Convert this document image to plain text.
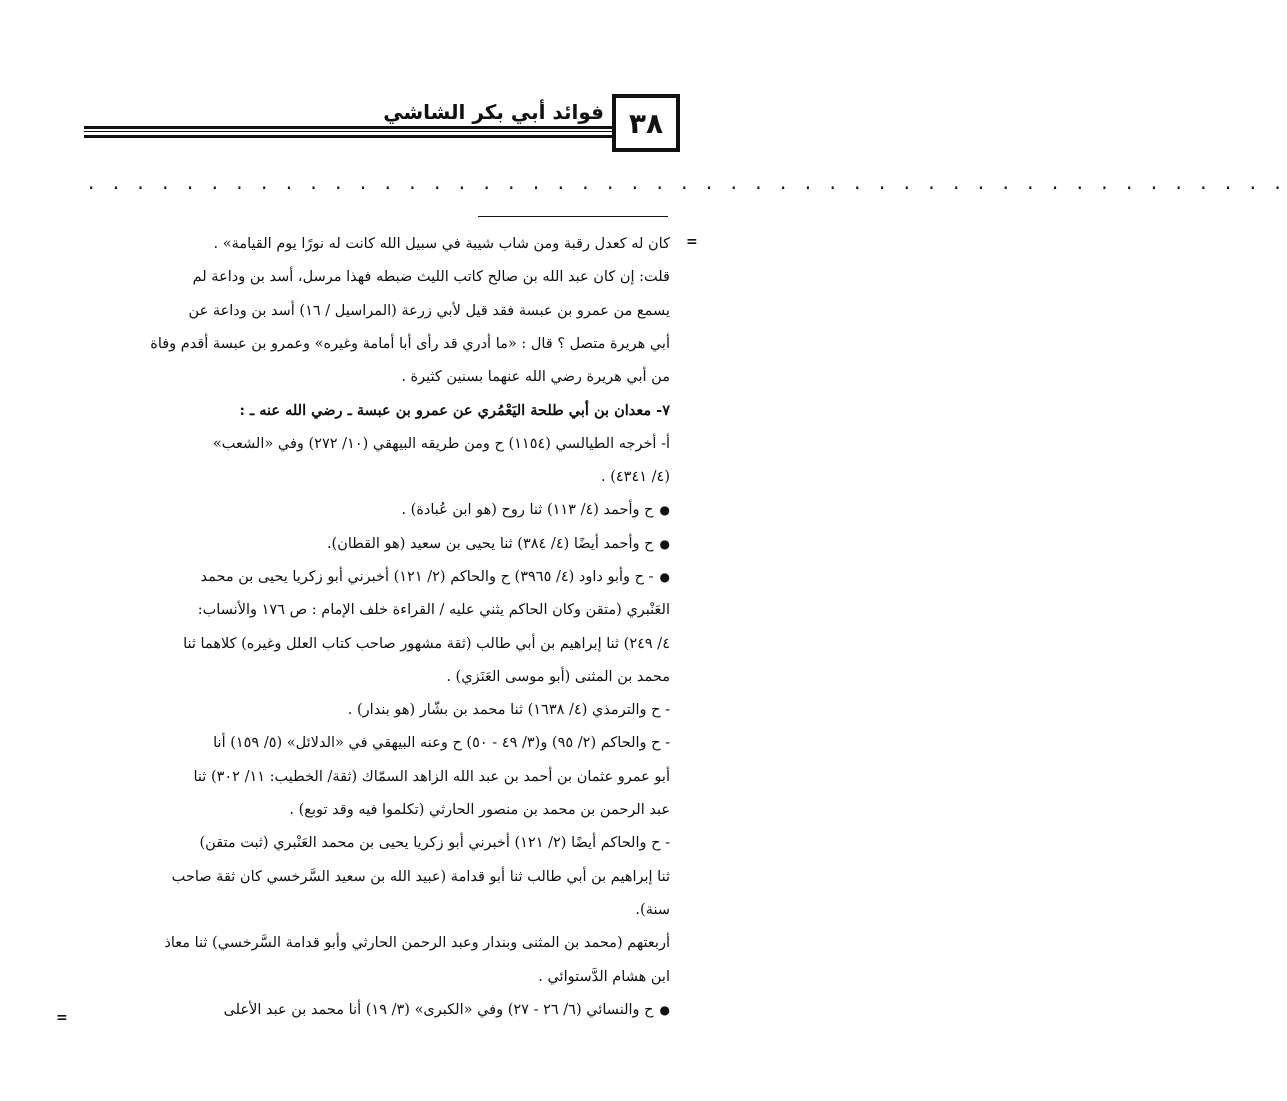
٣٨
فوائد أبي بكر الشاشي
. . . . . . . . . . . . . . . . . . . . . . . . . . . . . . . . . . . . . . . . . . . . . . . . .
=
=
كان له كعدل رقبة ومن شاب شيبة في سبيل الله كانت له نورًا يوم القيامة» .
قلت: إن كان عبد الله بن صالح كاتب الليث ضبطه فهذا مرسل، أسد بن وداعة لم
يسمع من عمرو بن عبسة فقد قيل لأبي زرعة (المراسيل / ١٦) أسد بن وداعة عن
أبي هريرة متصل ؟ قال : «ما أدري قد رأى أبا أمامة وغيره» وعمرو بن عبسة أقدم وفاة
من أبي هريرة رضي الله عنهما بسنين كثيرة .
٧- معدان بن أبي طلحة اليَعْمُري عن عمرو بن عبسة ـ رضي الله عنه ـ :
أ- أخرجه الطيالسي (١١٥٤) ح ومن طريقه البيهقي (١٠/ ٢٧٢) وفي «الشعب»
(٤/ ٤٣٤١) .
● ح وأحمد (٤/ ١١٣) ثنا روح (هو ابن عُبادة) .
● ح وأحمد أيضًا (٤/ ٣٨٤) ثنا يحيى بن سعيد (هو القطان).
● - ح وأبو داود (٤/ ٣٩٦٥) ح والحاكم (٢/ ١٢١) أخبرني أبو زكريا يحيى بن محمد
العَنْبري (متقن وكان الحاكم يثني عليه / القراءة خلف الإمام : ص ١٧٦ والأنساب:
٤/ ٢٤٩) ثنا إبراهيم بن أبي طالب (ثقة مشهور صاحب كتاب العلل وغيره) كلاهما ثنا
محمد بن المثنى (أبو موسى العَنَزي) .
- ح والترمذي (٤/ ١٦٣٨) ثنا محمد بن بشّار (هو بندار) .
- ح والحاكم (٢/ ٩٥) و(٣/ ٤٩ - ٥٠) ح وعنه البيهقي في «الدلائل» (٥/ ١٥٩) أنا
أبو عمرو عثمان بن أحمد بن عبد الله الزاهد السمّاك (ثقة/ الخطيب: ١١/ ٣٠٢) ثنا
عبد الرحمن بن محمد بن منصور الحارثي (تكلموا فيه وقد توبع) .
- ح والحاكم أيضًا (٢/ ١٢١) أخبرني أبو زكريا يحيى بن محمد العَنْبري (ثبت متقن)
ثنا إبراهيم بن أبي طالب ثنا أبو قدامة (عبيد الله بن سعيد السَّرخسي كان ثقة صاحب
سنة).
أربعتهم (محمد بن المثنى وبندار وعبد الرحمن الحارثي وأبو قدامة السَّرخسي) ثنا معاذ
ابن هشام الدَّستوائي .
● ح والنسائي (٦/ ٢٦ - ٢٧) وفي «الكبرى» (٣/ ١٩) أنا محمد بن عبد الأعلى
